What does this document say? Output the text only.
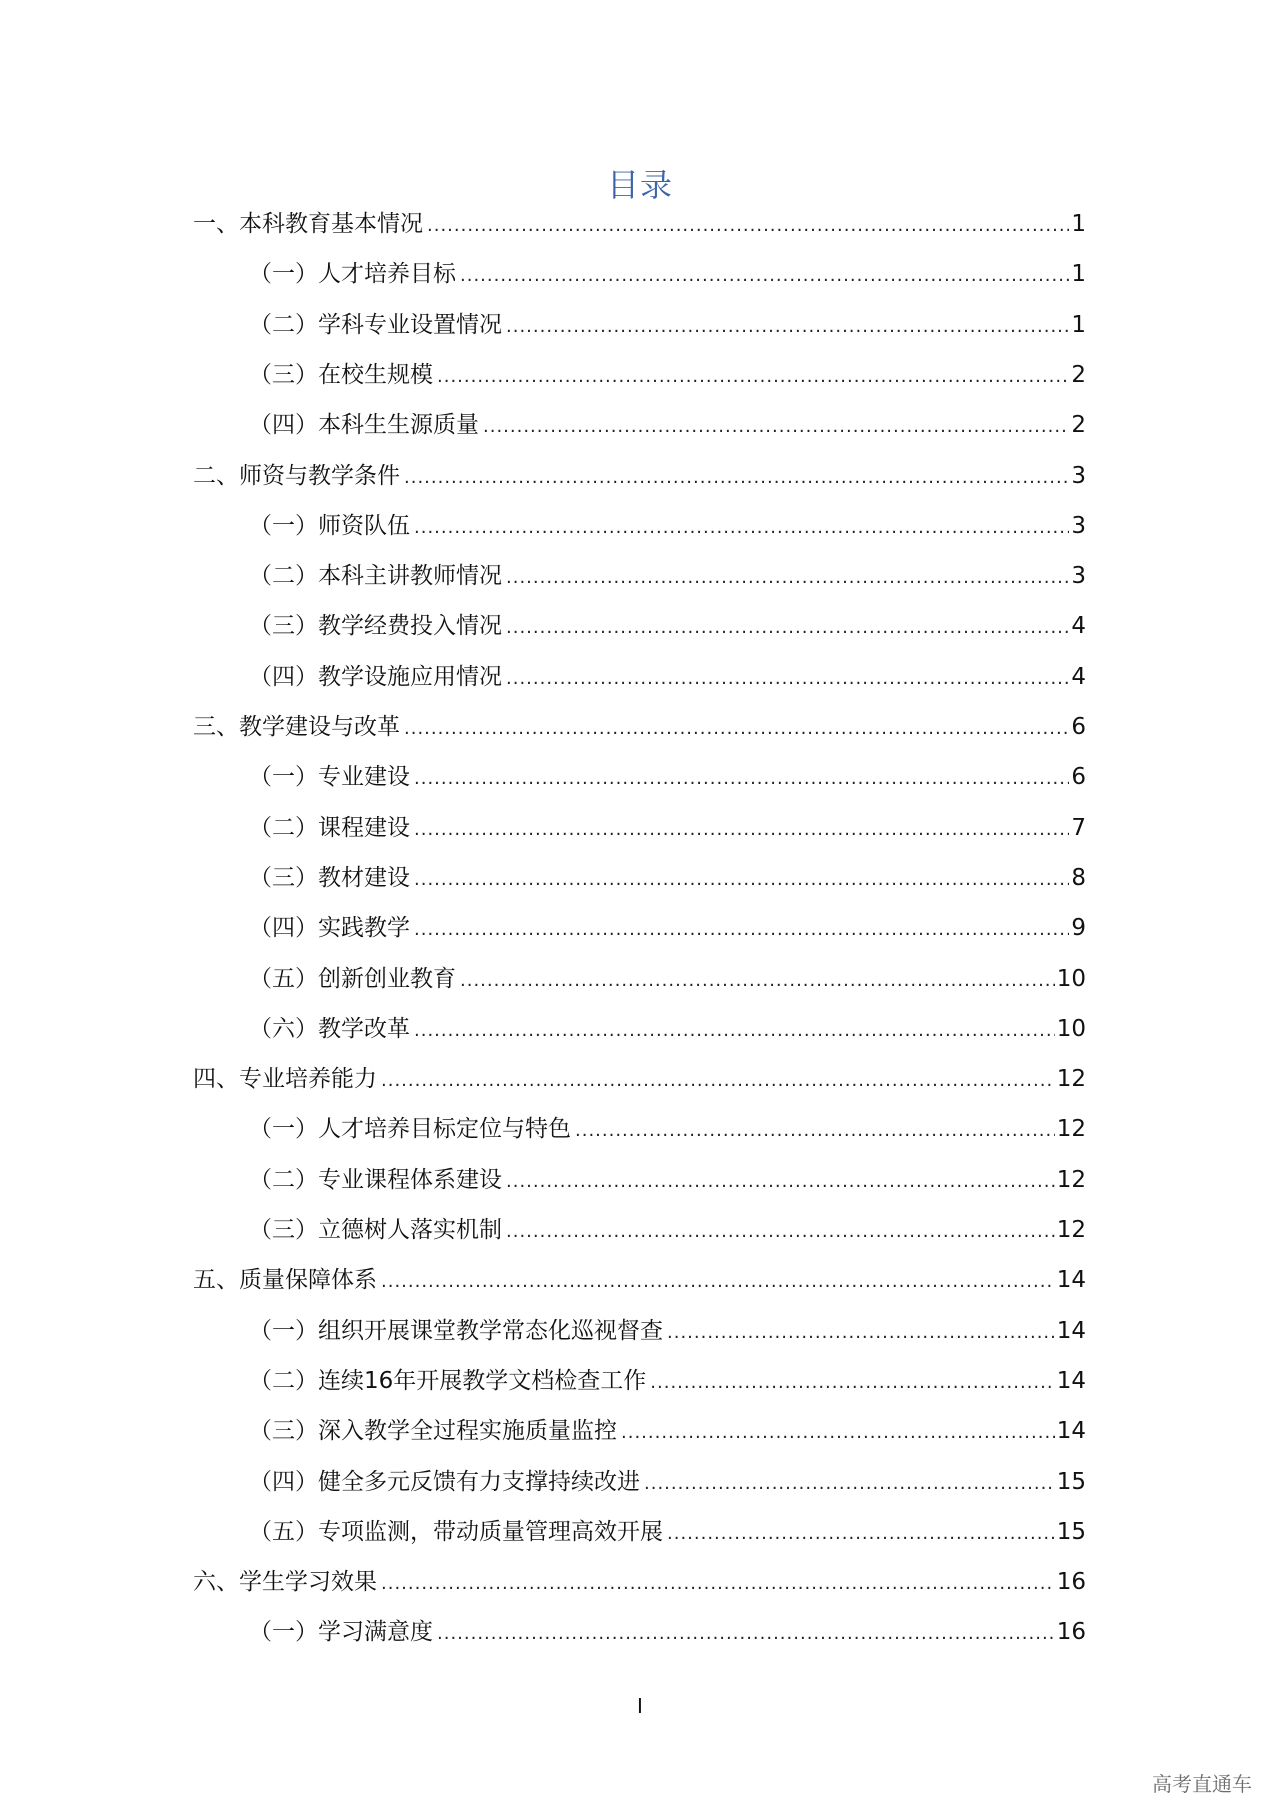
目录
一、本科教育基本情况 .....	1
（一）人才培养目标 .....	1
（二）学科专业设置情况 .....	1
（三）在校生规模 .....	2
（四）本科生生源质量 .....	2
二、师资与教学条件 .....	3
（一）师资队伍 .....	3
（二）本科主讲教师情况 .....	3
（三）教学经费投入情况 .....	4
（四）教学设施应用情况 .....	4
三、教学建设与改革 .....	6
（一）专业建设 .....	6
（二）课程建设 .....	7
（三）教材建设 .....	8
（四）实践教学 .....	9
（五）创新创业教育 .....	10
（六）教学改革 .....	10
四、专业培养能力 .....	12
（一）人才培养目标定位与特色 .....	12
（二）专业课程体系建设 .....	12
（三）立德树人落实机制 .....	12
五、质量保障体系 .....	14
（一）组织开展课堂教学常态化巡视督查 .....	14
（二）连续16年开展教学文档检查工作 .....	14
（三）深入教学全过程实施质量监控 .....	14
（四）健全多元反馈有力支撑持续改进 .....	15
（五）专项监测，带动质量管理高效开展 .....	15
六、学生学习效果 .....	16
（一）学习满意度 .....	16
I
高考直通车
